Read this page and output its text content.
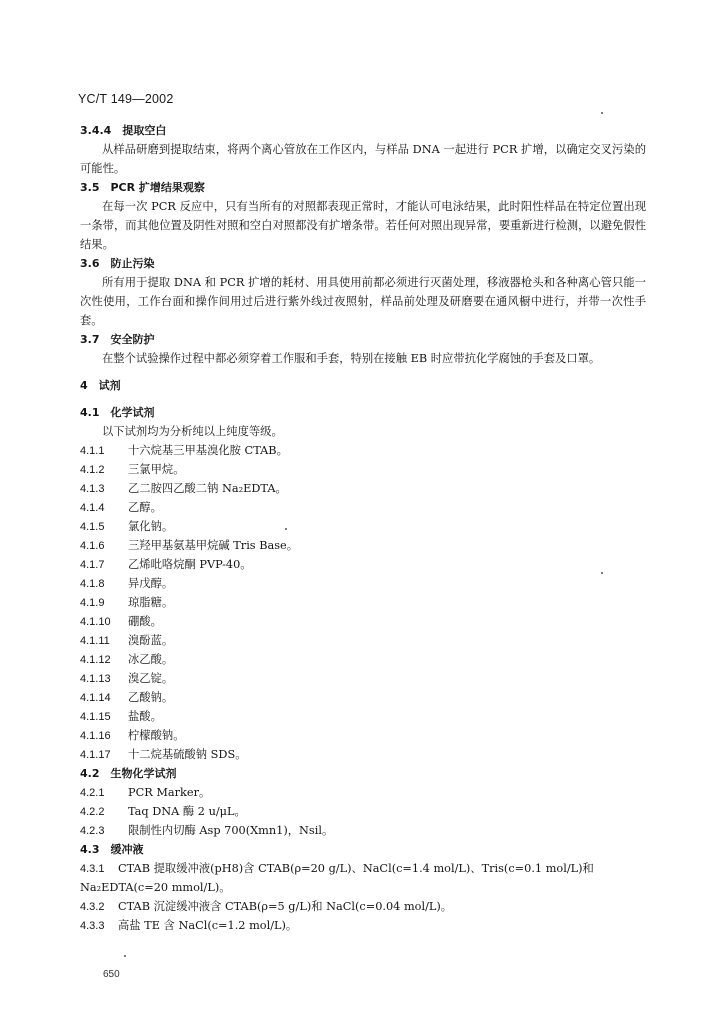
YC/T 149—2002
3.4.4　提取空白
从样品研磨到提取结束，将两个离心管放在工作区内，与样品 DNA 一起进行 PCR 扩增，以确定交叉污染的可能性。
3.5　PCR 扩增结果观察
在每一次 PCR 反应中，只有当所有的对照都表现正常时，才能认可电泳结果，此时阳性样品在特定位置出现一条带，而其他位置及阴性对照和空白对照都没有扩增条带。若任何对照出现异常，要重新进行检测，以避免假性结果。
3.6　防止污染
所有用于提取 DNA 和 PCR 扩增的耗材、用具使用前都必须进行灭菌处理，移液器枪头和各种离心管只能一次性使用，工作台面和操作间用过后进行紫外线过夜照射，样品前处理及研磨要在通风橱中进行，并带一次性手套。
3.7　安全防护
在整个试验操作过程中都必须穿着工作服和手套，特别在接触 EB 时应带抗化学腐蚀的手套及口罩。
4　试剂
4.1　化学试剂
以下试剂均为分析纯以上纯度等级。
4.1.1 十六烷基三甲基溴化胺 CTAB。
4.1.2 三氯甲烷。
4.1.3 乙二胺四乙酸二钠 Na₂EDTA。
4.1.4 乙醇。
4.1.5 氯化钠。
4.1.6 三羟甲基氨基甲烷碱 Tris Base。
4.1.7 乙烯吡咯烷酮 PVP-40。
4.1.8 异戊醇。
4.1.9 琼脂糖。
4.1.10 硼酸。
4.1.11 溴酚蓝。
4.1.12 冰乙酸。
4.1.13 溴乙锭。
4.1.14 乙酸钠。
4.1.15 盐酸。
4.1.16 柠檬酸钠。
4.1.17 十二烷基硫酸钠 SDS。
4.2　生物化学试剂
4.2.1 PCR Marker。
4.2.2 Taq DNA 酶 2 u/μL。
4.2.3 限制性内切酶 Asp 700(Xmn1)，Nsil。
4.3　缓冲液
4.3.1 CTAB 提取缓冲液(pH8)含 CTAB(ρ=20 g/L)、NaCl(c=1.4 mol/L)、Tris(c=0.1 mol/L)和
Na₂EDTA(c=20 mmol/L)。
4.3.2 CTAB 沉淀缓冲液含 CTAB(ρ=5 g/L)和 NaCl(c=0.04 mol/L)。
4.3.3 高盐 TE 含 NaCl(c=1.2 mol/L)。
650
